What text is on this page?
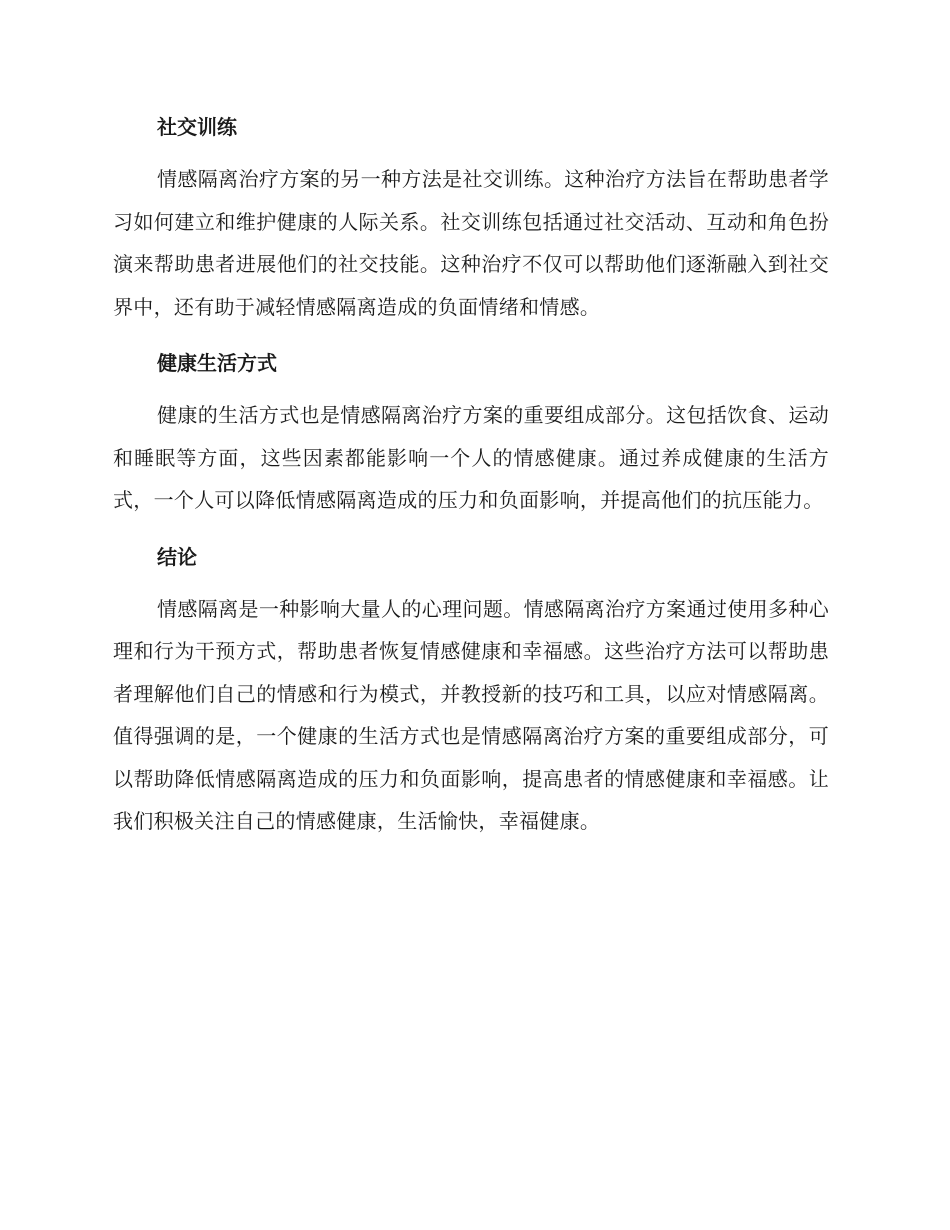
社交训练

情感隔离治疗方案的另一种方法是社交训练。这种治疗方法旨在帮助患者学习如何建立和维护健康的人际关系。社交训练包括通过社交活动、互动和角色扮演来帮助患者进展他们的社交技能。这种治疗不仅可以帮助他们逐渐融入到社交界中，还有助于减轻情感隔离造成的负面情绪和情感。

健康生活方式

健康的生活方式也是情感隔离治疗方案的重要组成部分。这包括饮食、运动和睡眠等方面，这些因素都能影响一个人的情感健康。通过养成健康的生活方式，一个人可以降低情感隔离造成的压力和负面影响，并提高他们的抗压能力。

结论

情感隔离是一种影响大量人的心理问题。情感隔离治疗方案通过使用多种心理和行为干预方式，帮助患者恢复情感健康和幸福感。这些治疗方法可以帮助患者理解他们自己的情感和行为模式，并教授新的技巧和工具，以应对情感隔离。值得强调的是，一个健康的生活方式也是情感隔离治疗方案的重要组成部分，可以帮助降低情感隔离造成的压力和负面影响，提高患者的情感健康和幸福感。让我们积极关注自己的情感健康，生活愉快，幸福健康。
